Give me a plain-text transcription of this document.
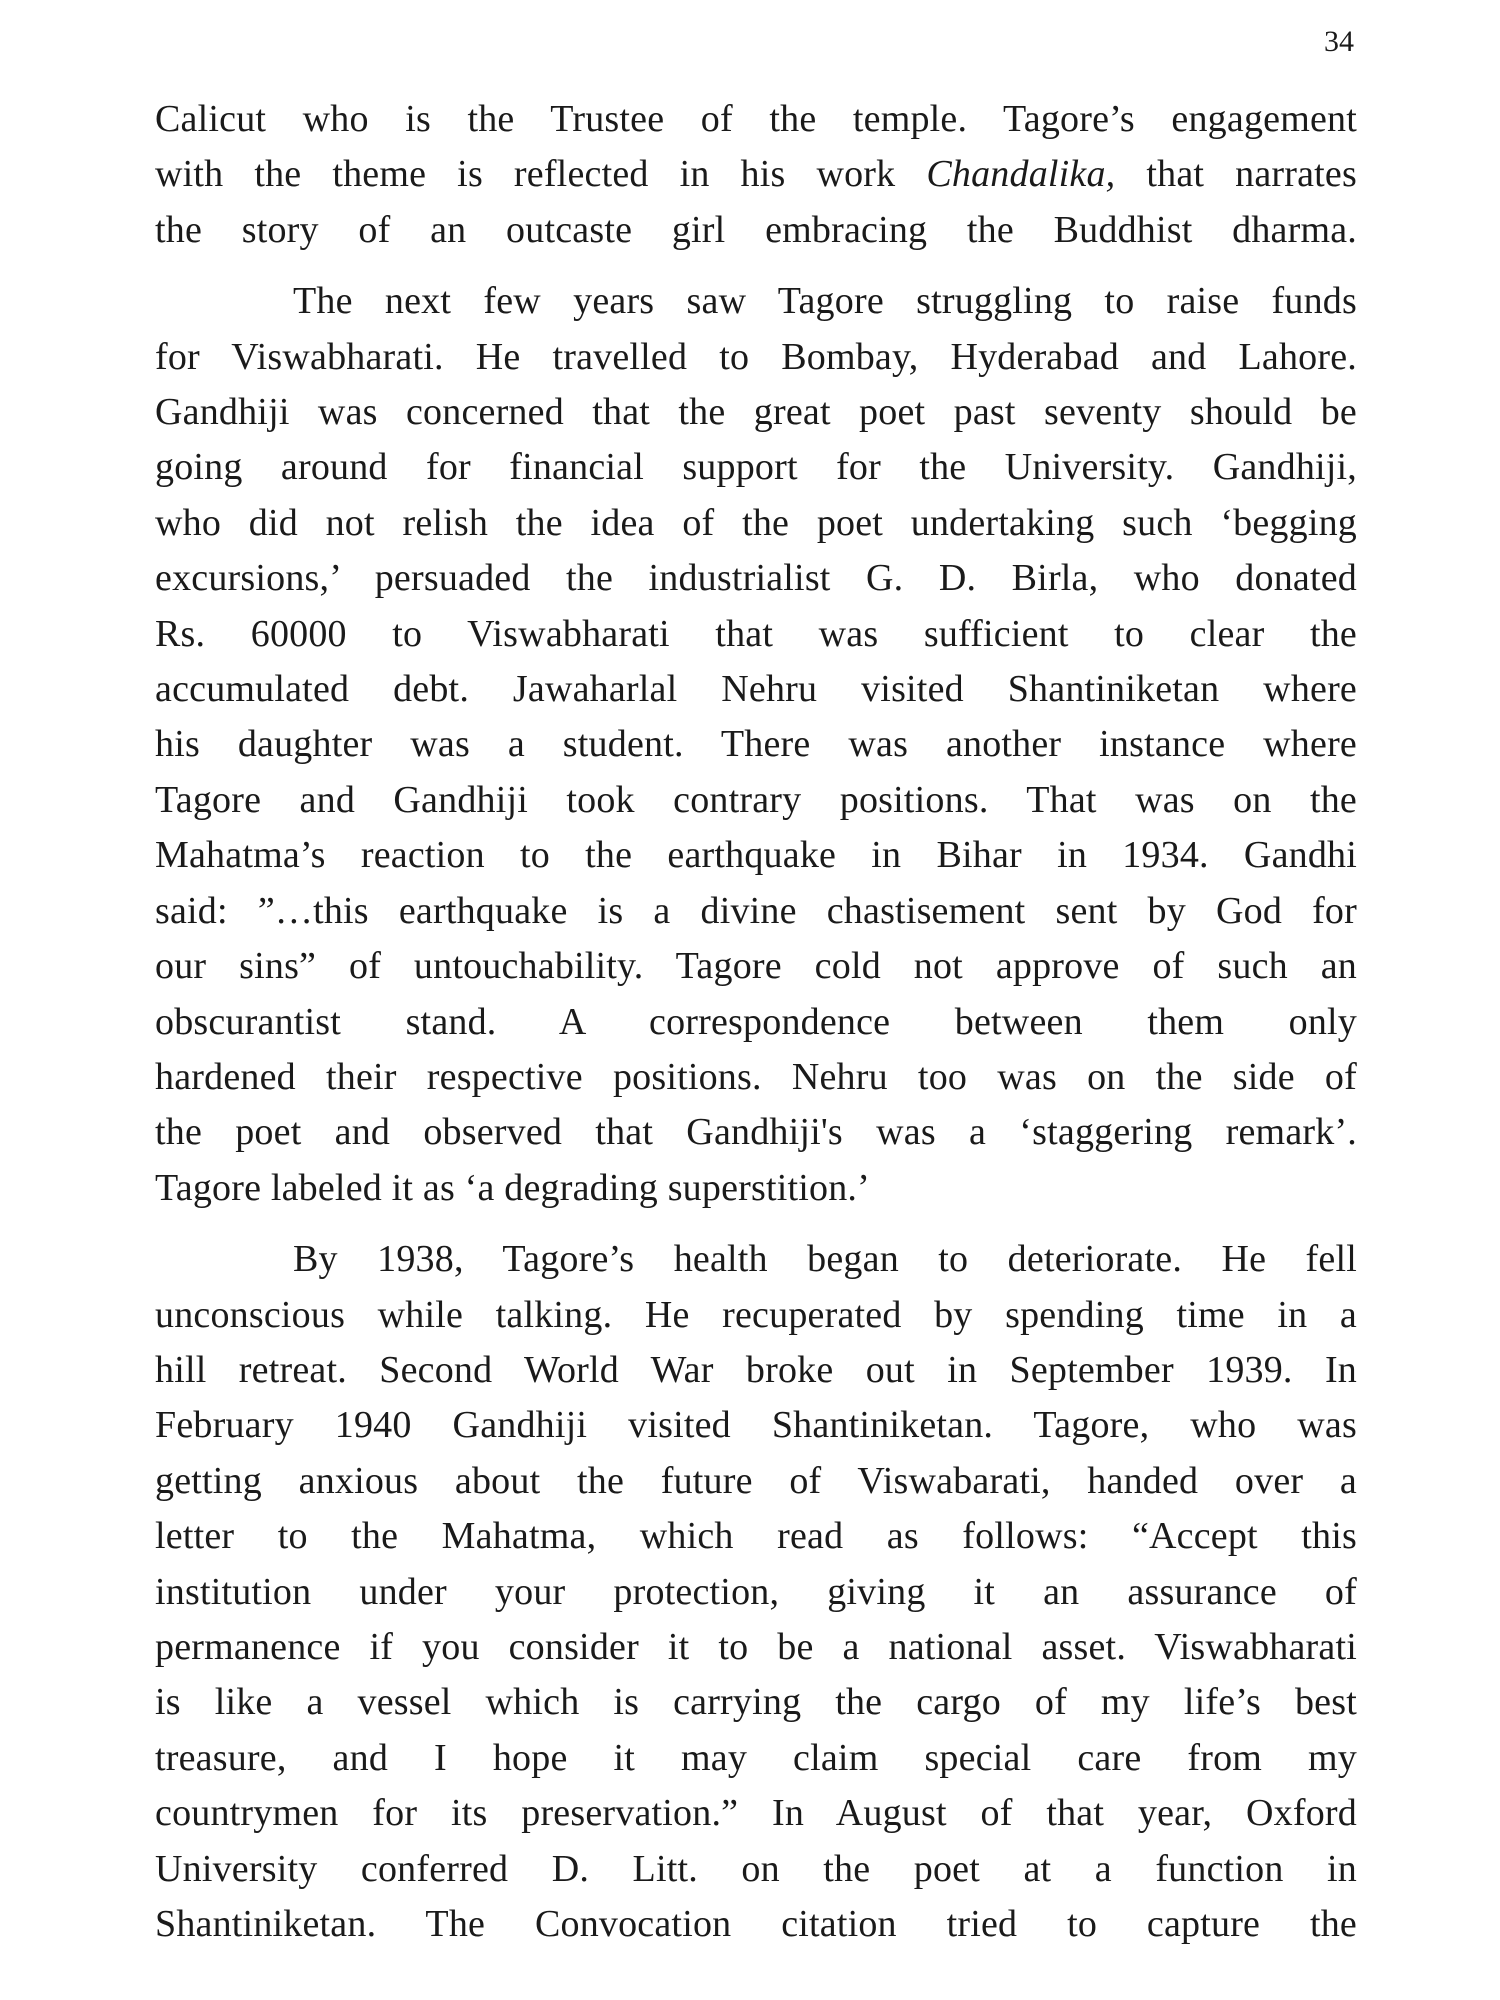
34
Calicut who is the Trustee of the temple. Tagore’s engagement
with the theme is reflected in his work Chandalika, that narrates
the story of an outcaste girl embracing the Buddhist dharma.
The next few years saw Tagore struggling to raise funds
for Viswabharati. He travelled to Bombay, Hyderabad and Lahore.
Gandhiji was concerned that the great poet past seventy should be
going around for financial support for the University. Gandhiji,
who did not relish the idea of the poet undertaking such ‘begging
excursions,’ persuaded the industrialist G. D. Birla, who donated
Rs. 60000 to Viswabharati that was sufficient to clear the
accumulated debt. Jawaharlal Nehru visited Shantiniketan where
his daughter was a student. There was another instance where
Tagore and Gandhiji took contrary positions. That was on the
Mahatma’s reaction to the earthquake in Bihar in 1934. Gandhi
said: ”…this earthquake is a divine chastisement sent by God for
our sins” of untouchability. Tagore cold not approve of such an
obscurantist stand. A correspondence between them only
hardened their respective positions. Nehru too was on the side of
the poet and observed that Gandhiji's was a ‘staggering remark’.
Tagore labeled it as ‘a degrading superstition.’
By 1938, Tagore’s health began to deteriorate. He fell
unconscious while talking. He recuperated by spending time in a
hill retreat. Second World War broke out in September 1939. In
February 1940 Gandhiji visited Shantiniketan. Tagore, who was
getting anxious about the future of Viswabarati, handed over a
letter to the Mahatma, which read as follows: “Accept this
institution under your protection, giving it an assurance of
permanence if you consider it to be a national asset. Viswabharati
is like a vessel which is carrying the cargo of my life’s best
treasure, and I hope it may claim special care from my
countrymen for its preservation.” In August of that year, Oxford
University conferred D. Litt. on the poet at a function in
Shantiniketan. The Convocation citation tried to capture the
